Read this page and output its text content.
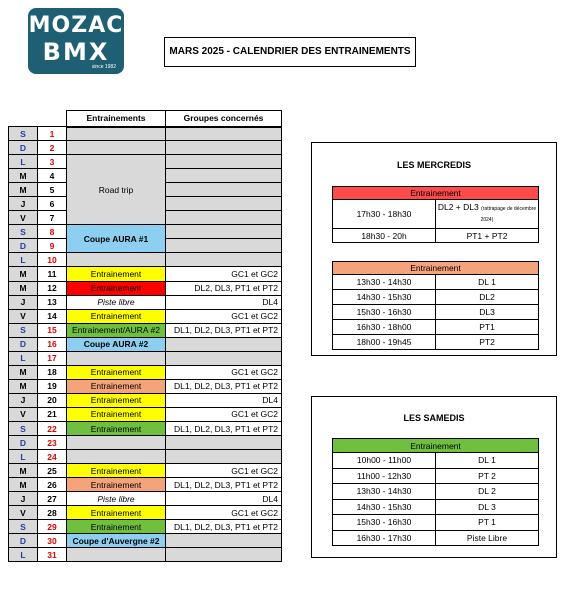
MOZAC
BMX
since 1982
MARS 2025 - CALENDRIER DES ENTRAINEMENTS
		Entrainements	Groupes concernés
S	1		
D	2		
L	3	Road trip	
M	4		
M	5		
J	6		
V	7		
S	8	Coupe AURA #1	
D	9		
L	10		
M	11	Entrainement	GC1 et GC2
M	12	Entrainement	DL2, DL3, PT1 et PT2
J	13	Piste libre	DL4
V	14	Entrainement	GC1 et GC2
S	15	Entrainement/AURA #2	DL1, DL2, DL3, PT1 et PT2
D	16	Coupe AURA #2	
L	17		
M	18	Entrainement	GC1 et GC2
M	19	Entrainement	DL1, DL2, DL3, PT1 et PT2
J	20	Entrainement	DL4
V	21	Entrainement	GC1 et GC2
S	22	Entrainement	DL1, DL2, DL3, PT1 et PT2
D	23		
L	24		
M	25	Entrainement	GC1 et GC2
M	26	Entrainement	DL1, DL2, DL3, PT1 et PT2
J	27	Piste libre	DL4
V	28	Entrainement	GC1 et GC2
S	29	Entrainement	DL1, DL2, DL3, PT1 et PT2
D	30	Coupe d'Auvergne #2	
L	31		
LES MERCREDIS
Entrainement	
17h30 - 18h30	DL2 + DL3 (rattrapage de décembre 2024)
18h30 - 20h	PT1 + PT2
Entrainement	
13h30 - 14h30	DL 1
14h30 - 15h30	DL2
15h30 - 16h30	DL3
16h30 - 18h00	PT1
18h00 - 19h45	PT2
LES SAMEDIS
Entrainement	
10h00 - 11h00	DL 1
11h00 - 12h30	PT 2
13h30 - 14h30	DL 2
14h30 - 15h30	DL 3
15h30 - 16h30	PT 1
16h30 - 17h30	Piste Libre
